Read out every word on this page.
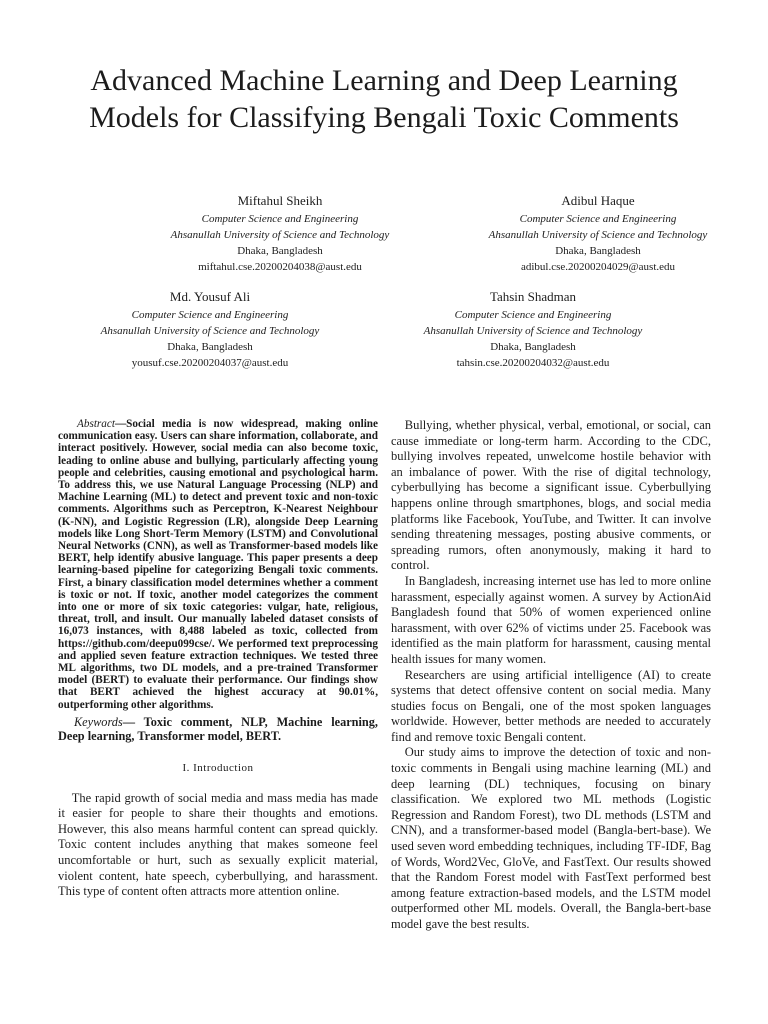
Advanced Machine Learning and Deep Learning
Models for Classifying Bengali Toxic Comments
Miftahul Sheikh
Computer Science and Engineering
Ahsanullah University of Science and Technology
Dhaka, Bangladesh
miftahul.cse.20200204038@aust.edu
Adibul Haque
Computer Science and Engineering
Ahsanullah University of Science and Technology
Dhaka, Bangladesh
adibul.cse.20200204029@aust.edu
Md. Yousuf Ali
Computer Science and Engineering
Ahsanullah University of Science and Technology
Dhaka, Bangladesh
yousuf.cse.20200204037@aust.edu
Tahsin Shadman
Computer Science and Engineering
Ahsanullah University of Science and Technology
Dhaka, Bangladesh
tahsin.cse.20200204032@aust.edu

Abstract—Social media is now widespread, making online communication easy. Users can share information, collaborate, and interact positively. However, social media can also become toxic, leading to online abuse and bullying, particularly affecting young people and celebrities, causing emotional and psychological harm. To address this, we use Natural Language Processing (NLP) and Machine Learning (ML) to detect and prevent toxic and non-toxic comments. Algorithms such as Perceptron, K-Nearest Neighbour (K-NN), and Logistic Regression (LR), alongside Deep Learning models like Long Short-Term Memory (LSTM) and Convolutional Neural Networks (CNN), as well as Transformer-based models like BERT, help identify abusive language. This paper presents a deep learning-based pipeline for categorizing Bengali toxic comments. First, a binary classification model determines whether a comment is toxic or not. If toxic, another model categorizes the comment into one or more of six toxic categories: vulgar, hate, religious, threat, troll, and insult. Our manually labeled dataset consists of 16,073 instances, with 8,488 labeled as toxic, collected from https://github.com/deepu099cse/. We performed text preprocessing and applied seven feature extraction techniques. We tested three ML algorithms, two DL models, and a pre-trained Transformer model (BERT) to evaluate their performance. Our findings show that BERT achieved the highest accuracy at 90.01%, outperforming other algorithms.

Keywords— Toxic comment, NLP, Machine learning, Deep learning, Transformer model, BERT.

I. Introduction

The rapid growth of social media and mass media has made it easier for people to share their thoughts and emotions. However, this also means harmful content can spread quickly. Toxic content includes anything that makes someone feel uncomfortable or hurt, such as sexually explicit material, violent content, hate speech, cyberbullying, and harassment. This type of content often attracts more attention online.

Bullying, whether physical, verbal, emotional, or social, can cause immediate or long-term harm. According to the CDC, bullying involves repeated, unwelcome hostile behavior with an imbalance of power. With the rise of digital technology, cyberbullying has become a significant issue. Cyberbullying happens online through smartphones, blogs, and social media platforms like Facebook, YouTube, and Twitter. It can involve sending threatening messages, posting abusive comments, or spreading rumors, often anonymously, making it hard to control.

In Bangladesh, increasing internet use has led to more online harassment, especially against women. A survey by ActionAid Bangladesh found that 50% of women experienced online harassment, with over 62% of victims under 25. Facebook was identified as the main platform for harassment, causing mental health issues for many women.

Researchers are using artificial intelligence (AI) to create systems that detect offensive content on social media. Many studies focus on Bengali, one of the most spoken languages worldwide. However, better methods are needed to accurately find and remove toxic Bengali content.

Our study aims to improve the detection of toxic and non-toxic comments in Bengali using machine learning (ML) and deep learning (DL) techniques, focusing on binary classification. We explored two ML methods (Logistic Regression and Random Forest), two DL methods (LSTM and CNN), and a transformer-based model (Bangla-bert-base). We used seven word embedding techniques, including TF-IDF, Bag of Words, Word2Vec, GloVe, and FastText. Our results showed that the Random Forest model with FastText performed best among feature extraction-based models, and the LSTM model outperformed other ML models. Overall, the Bangla-bert-base model gave the best results.
